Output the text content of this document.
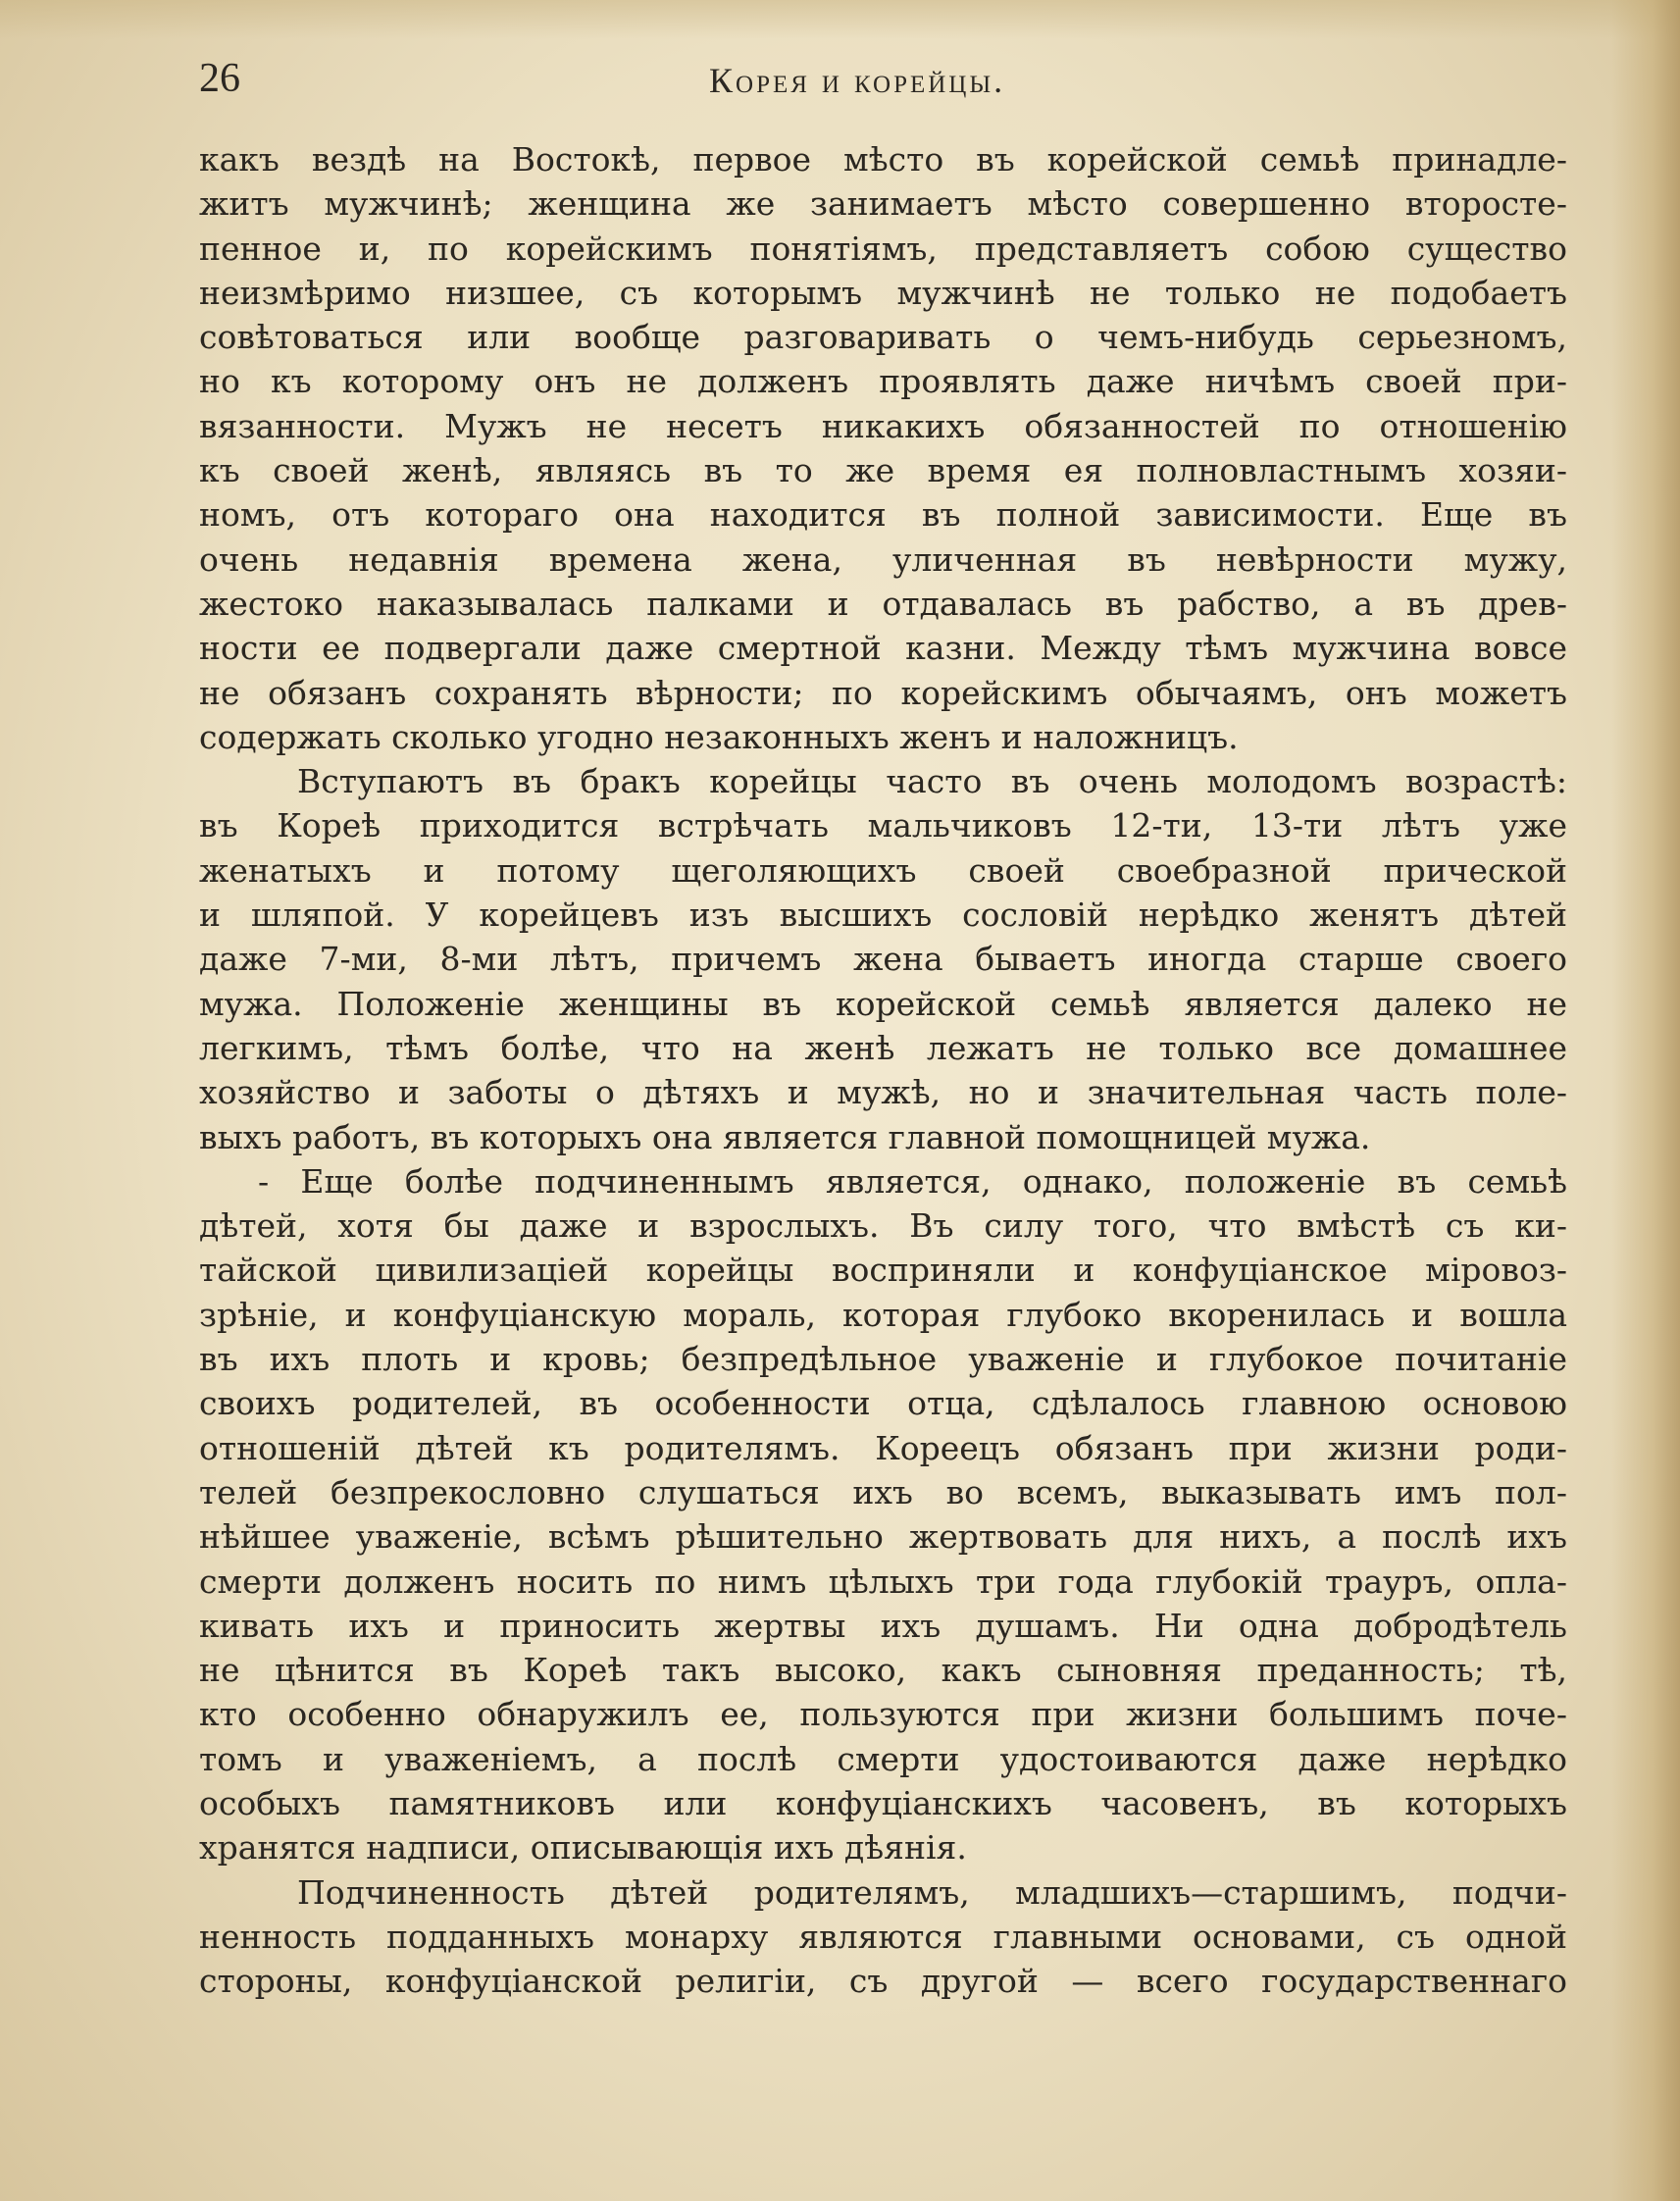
26	Корея и корейцы.
какъ вездѣ на Востокѣ, первое мѣсто въ корейской семьѣ принадле-
житъ мужчинѣ; женщина же занимаетъ мѣсто совершенно второсте-
пенное и, по корейскимъ понятіямъ, представляетъ собою существо
неизмѣримо низшее, съ которымъ мужчинѣ не только не подобаетъ
совѣтоваться или вообще разговаривать о чемъ-нибудь серьезномъ,
но къ которому онъ не долженъ проявлять даже ничѣмъ своей при-
вязанности. Мужъ не несетъ никакихъ обязанностей по отношенію
къ своей женѣ, являясь въ то же время ея полновластнымъ хозяи-
номъ, отъ котораго она находится въ полной зависимости. Еще въ
очень недавнія времена жена, уличенная въ невѣрности мужу,
жестоко наказывалась палками и отдавалась въ рабство, а въ древ-
ности ее подвергали даже смертной казни. Между тѣмъ мужчина вовсе
не обязанъ сохранять вѣрности; по корейскимъ обычаямъ, онъ можетъ
содержать сколько угодно незаконныхъ женъ и наложницъ.
Вступаютъ въ бракъ корейцы часто въ очень молодомъ возрастѣ:
въ Кореѣ приходится встрѣчать мальчиковъ 12-ти, 13-ти лѣтъ уже
женатыхъ и потому щеголяющихъ своей своебразной прической
и шляпой. У корейцевъ изъ высшихъ сословій нерѣдко женятъ дѣтей
даже 7-ми, 8-ми лѣтъ, причемъ жена бываетъ иногда старше своего
мужа. Положеніе женщины въ корейской семьѣ является далеко не
легкимъ, тѣмъ болѣе, что на женѣ лежатъ не только все домашнее
хозяйство и заботы о дѣтяхъ и мужѣ, но и значительная часть поле-
выхъ работъ, въ которыхъ она является главной помощницей мужа.
- Еще болѣе подчиненнымъ является, однако, положеніе въ семьѣ
дѣтей, хотя бы даже и взрослыхъ. Въ силу того, что вмѣстѣ съ ки-
тайской цивилизаціей корейцы восприняли и конфуціанское міровоз-
зрѣніе, и конфуціанскую мораль, которая глубоко вкоренилась и вошла
въ ихъ плоть и кровь; безпредѣльное уваженіе и глубокое почитаніе
своихъ родителей, въ особенности отца, сдѣлалось главною основою
отношеній дѣтей къ родителямъ. Кореецъ обязанъ при жизни роди-
телей безпрекословно слушаться ихъ во всемъ, выказывать имъ пол-
нѣйшее уваженіе, всѣмъ рѣшительно жертвовать для нихъ, а послѣ ихъ
смерти долженъ носить по нимъ цѣлыхъ три года глубокій трауръ, опла-
кивать ихъ и приносить жертвы ихъ душамъ. Ни одна добродѣтель
не цѣнится въ Кореѣ такъ высоко, какъ сыновняя преданность; тѣ,
кто особенно обнаружилъ ее, пользуются при жизни большимъ поче-
томъ и уваженіемъ, а послѣ смерти удостоиваются даже нерѣдко
особыхъ памятниковъ или конфуціанскихъ часовенъ, въ которыхъ
хранятся надписи, описывающія ихъ дѣянія.
Подчиненность дѣтей родителямъ, младшихъ—старшимъ, подчи-
ненность подданныхъ монарху являются главными основами, съ одной
стороны, конфуціанской религіи, съ другой — всего государственнаго
